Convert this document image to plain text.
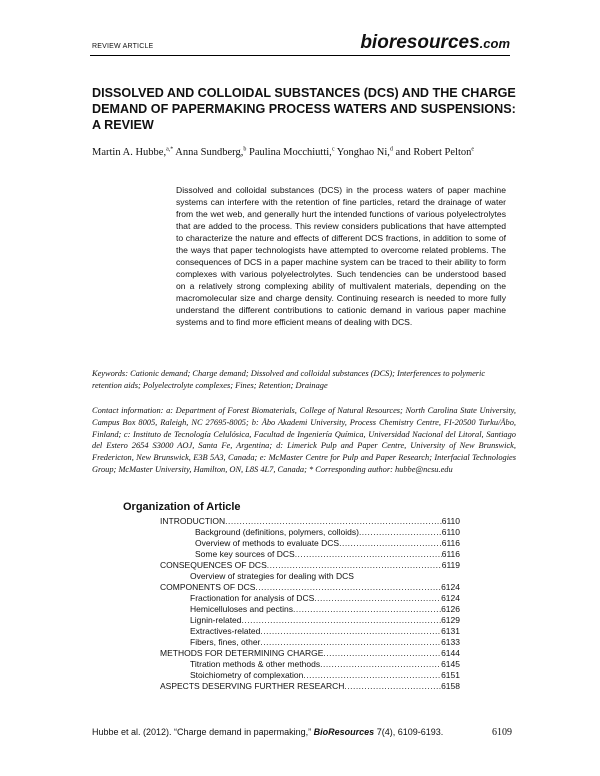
REVIEW ARTICLE	bioresources.com
DISSOLVED AND COLLOIDAL SUBSTANCES (DCS) AND THE CHARGE DEMAND OF PAPERMAKING PROCESS WATERS AND SUSPENSIONS: A REVIEW
Martin A. Hubbe,$^{a,*}$ Anna Sundberg,$^b$ Paulina Mocchiutti,$^c$ Yonghao Ni,$^d$ and Robert Pelton$^e$
Dissolved and colloidal substances (DCS) in the process waters of paper machine systems can interfere with the retention of fine particles, retard the drainage of water from the wet web, and generally hurt the intended functions of various polyelectrolytes that are added to the process. This review considers publications that have attempted to characterize the nature and effects of different DCS fractions, in addition to some of the ways that paper technologists have attempted to overcome related problems. The consequences of DCS in a paper machine system can be traced to their ability to form complexes with various polyelectrolytes. Such tendencies can be understood based on a relatively strong complexing ability of multivalent materials, depending on the macromolecular size and charge density. Continuing research is needed to more fully understand the different contributions to cationic demand in various paper machine systems and to find more efficient means of dealing with DCS.
Keywords: Cationic demand; Charge demand; Dissolved and colloidal substances (DCS); Interferences to polymeric retention aids; Polyelectrolyte complexes; Fines; Retention; Drainage
Contact information: a: Department of Forest Biomaterials, College of Natural Resources; North Carolina State University, Campus Box 8005, Raleigh, NC 27695-8005; b: Åbo Akademi University, Process Chemistry Centre, FI-20500 Turku/Åbo, Finland; c: Instituto de Tecnología Celulósica, Facultad de Ingeniería Química, Universidad Nacional del Litoral, Santiago del Estero 2654 S3000 AOJ, Santa Fe, Argentina; d: Limerick Pulp and Paper Centre, University of New Brunswick, Fredericton, New Brunswick, E3B 5A3, Canada; e: McMaster Centre for Pulp and Paper Research; Interfacial Technologies Group; McMaster University, Hamilton, ON, L8S 4L7, Canada; * Corresponding author: hubbe@ncsu.edu
Organization of Article
INTRODUCTION .....	6110
Background (definitions, polymers, colloids) .....	6110
Overview of methods to evaluate DCS .....	6116
Some key sources of DCS .....	6116
CONSEQUENCES OF DCS .....	6119
Overview of strategies for dealing with DCS
COMPONENTS OF DCS .....	6124
Fractionation for analysis of DCS .....	6124
Hemicelluloses and pectins .....	6126
Lignin-related .....	6129
Extractives-related .....	6131
Fibers, fines, other .....	6133
METHODS FOR DETERMINING CHARGE .....	6144
Titration methods & other methods .....	6145
Stoichiometry of complexation .....	6151
ASPECTS DESERVING FURTHER RESEARCH .....	6158
Hubbe et al. (2012). “Charge demand in papermaking,” BioResources 7(4), 6109-6193.	6109
